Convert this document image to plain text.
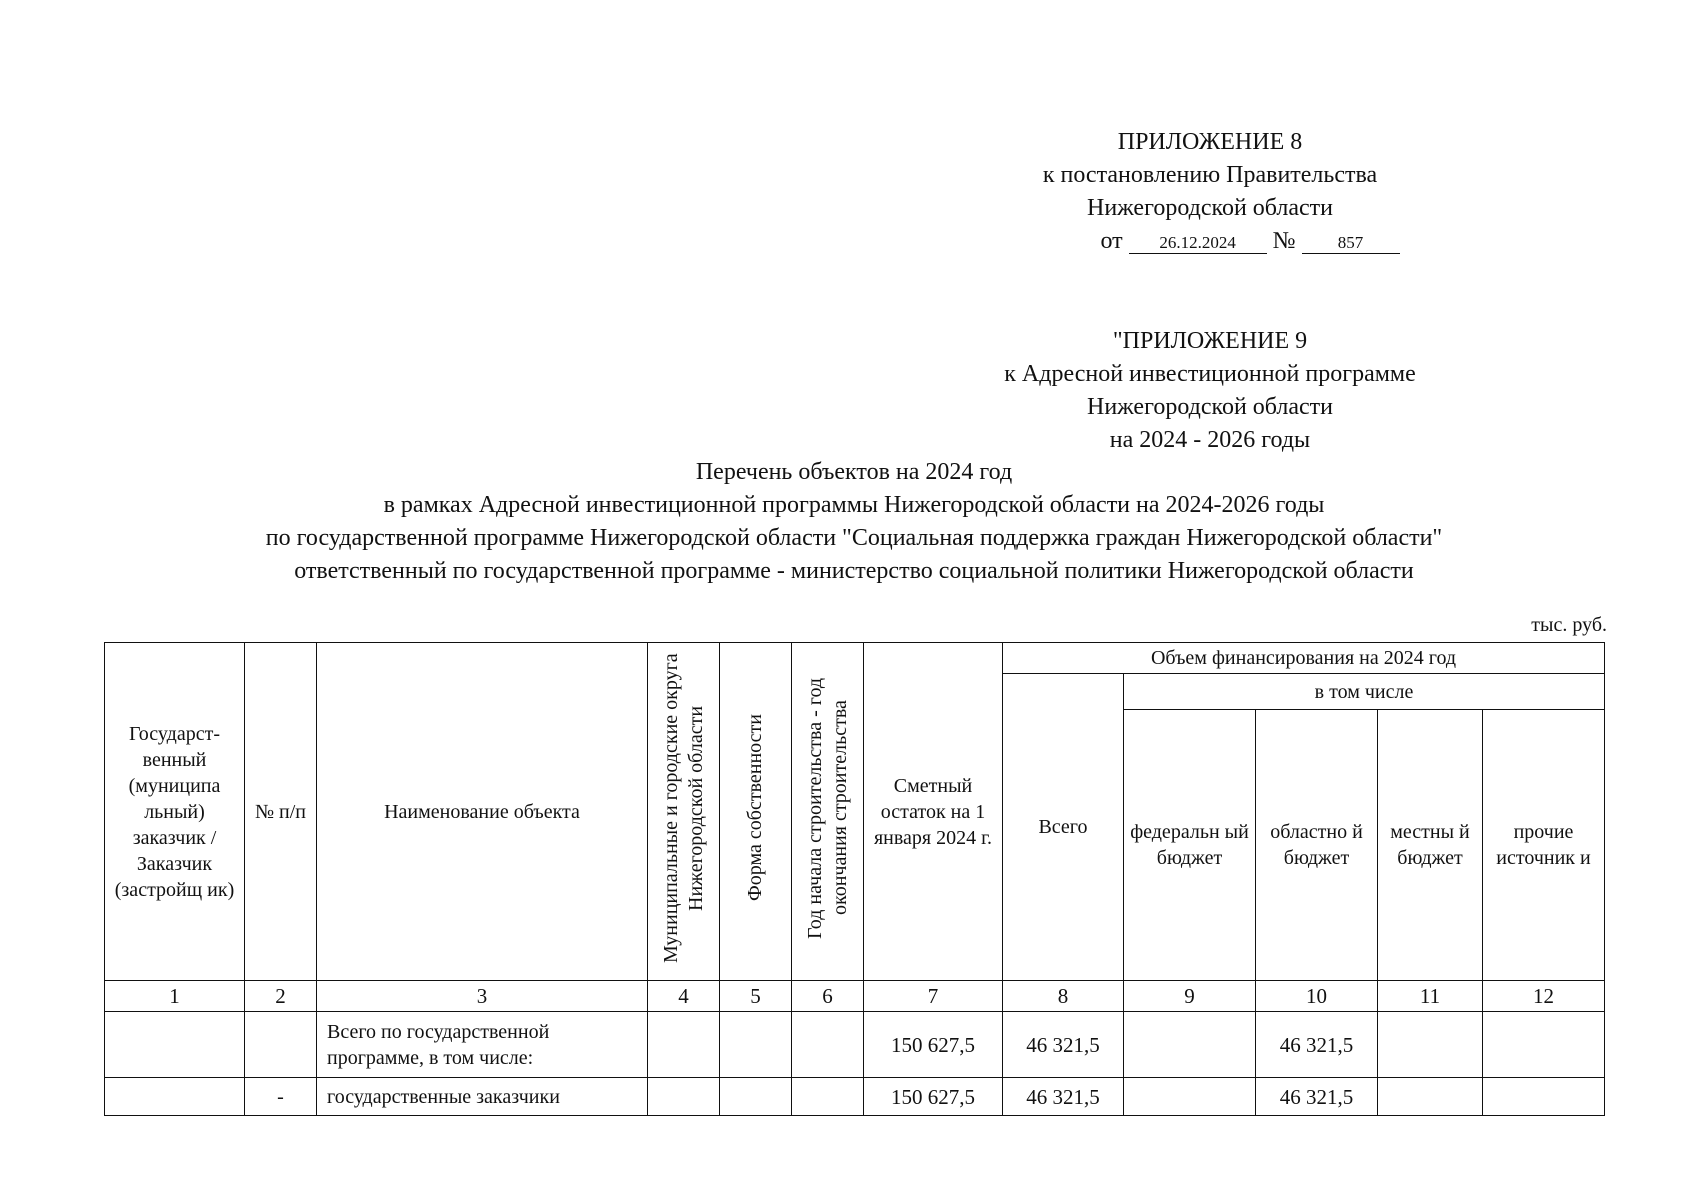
ПРИЛОЖЕНИЕ 8
к постановлению Правительства
Нижегородской области
от 26.12.2024 № 857
"ПРИЛОЖЕНИЕ 9
к Адресной инвестиционной программе
Нижегородской области
на 2024 - 2026 годы
Перечень объектов на 2024 год
в рамках Адресной инвестиционной программы Нижегородской области на 2024-2026 годы
по государственной программе Нижегородской области "Социальная поддержка граждан Нижегородской области"
ответственный по государственной программе - министерство социальной политики Нижегородской области
тыс. руб.
Государст-венный (муниципа льный) заказчик / Заказчик (застройщ ик)	№ п/п	Наименование объекта	Муниципальные и городские округа Нижегородской области	Форма собственности	Год начала строительства - год окончания строительства	Сметный остаток на 1 января 2024 г.	Объем финансирования на 2024 год				
							Всего	в том числе			
								федеральн ый бюджет	областно й бюджет	местны й бюджет	прочие источник и
1	2	3	4	5	6	7	8	9	10	11	12
		Всего по государственной программе, в том числе:				150 627,5	46 321,5		46 321,5		
	-	государственные заказчики				150 627,5	46 321,5		46 321,5		
